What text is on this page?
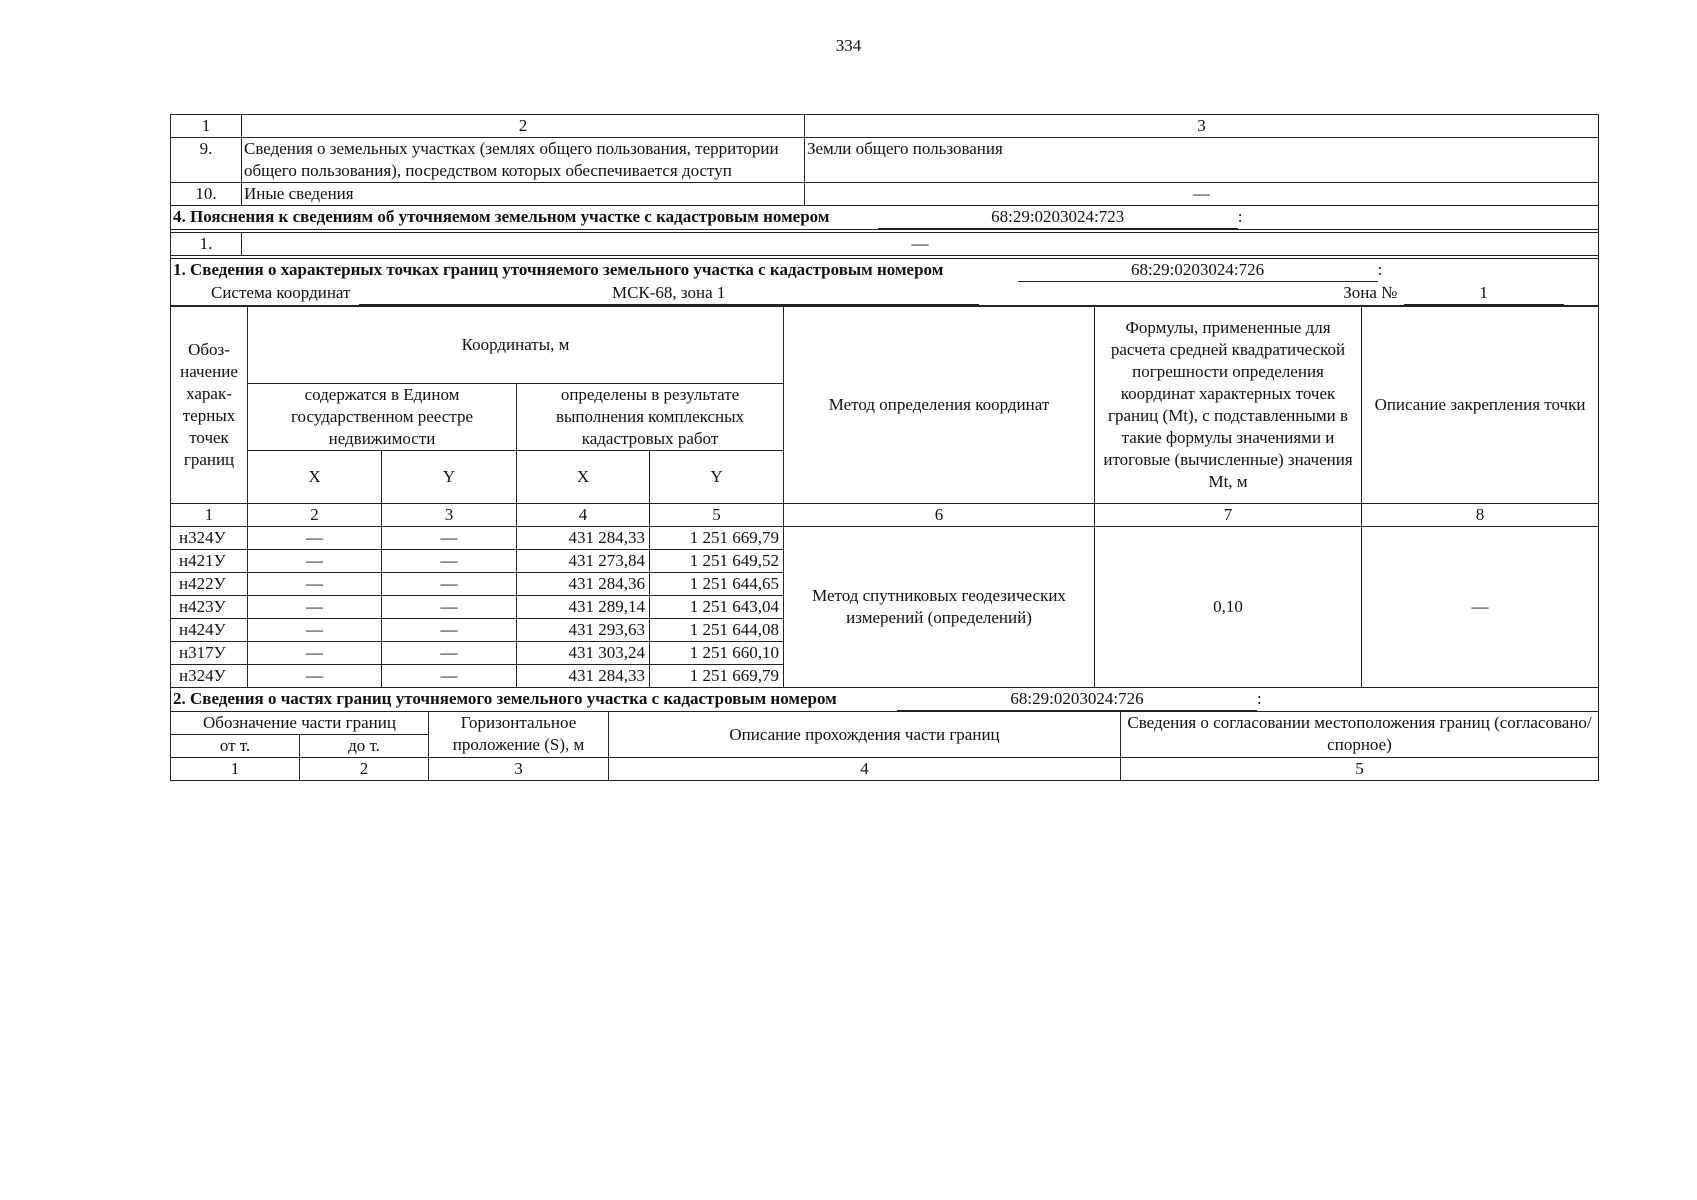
334
1	2	3
9.	Сведения о земельных участках (землях общего пользования, территории общего пользования), посредством которых обеспечивается доступ	Земли общего пользования
10.	Иные сведения	—
4. Пояснения к сведениям об уточняемом земельном участке с кадастровым номером 68:29:0203024:723 :		

1.	—	

1. Сведения о характерных точках границ уточняемого земельного участка с кадастровым номером 68:29:0203024:726 :		
Система координат МСК-68, зона 1 Зона № 1		
Обоз-начение харак-терных точек границ	Координаты, м				Метод определения координат	Формулы, примененные для расчета средней квадратической погрешности определения координат характерных точек границ (Mt), с подставленными в такие формулы значениями и итоговые (вычисленные) значения Mt, м	Описание закрепления точки
	содержатся в Едином государственном реестре недвижимости		определены в результате выполнения комплексных кадастровых работ				
	X	Y	X	Y			
1	2	3	4	5	6	7	8
н324У	—	—	431 284,33	1 251 669,79	Метод спутниковых геодезических измерений (определений)	0,10	—
н421У	—	—	431 273,84	1 251 649,52			
н422У	—	—	431 284,36	1 251 644,65			
н423У	—	—	431 289,14	1 251 643,04			
н424У	—	—	431 293,63	1 251 644,08			
н317У	—	—	431 303,24	1 251 660,10			
н324У	—	—	431 284,33	1 251 669,79			
2. Сведения о частях границ уточняемого земельного участка с кадастровым номером 68:29:0203024:726 :				
Обозначение части границ		Горизонтальное проложение (S), м	Описание прохождения части границ	Сведения о согласовании местоположения границ (согласовано/спорное)
от т.	до т.			
1	2	3	4	5
